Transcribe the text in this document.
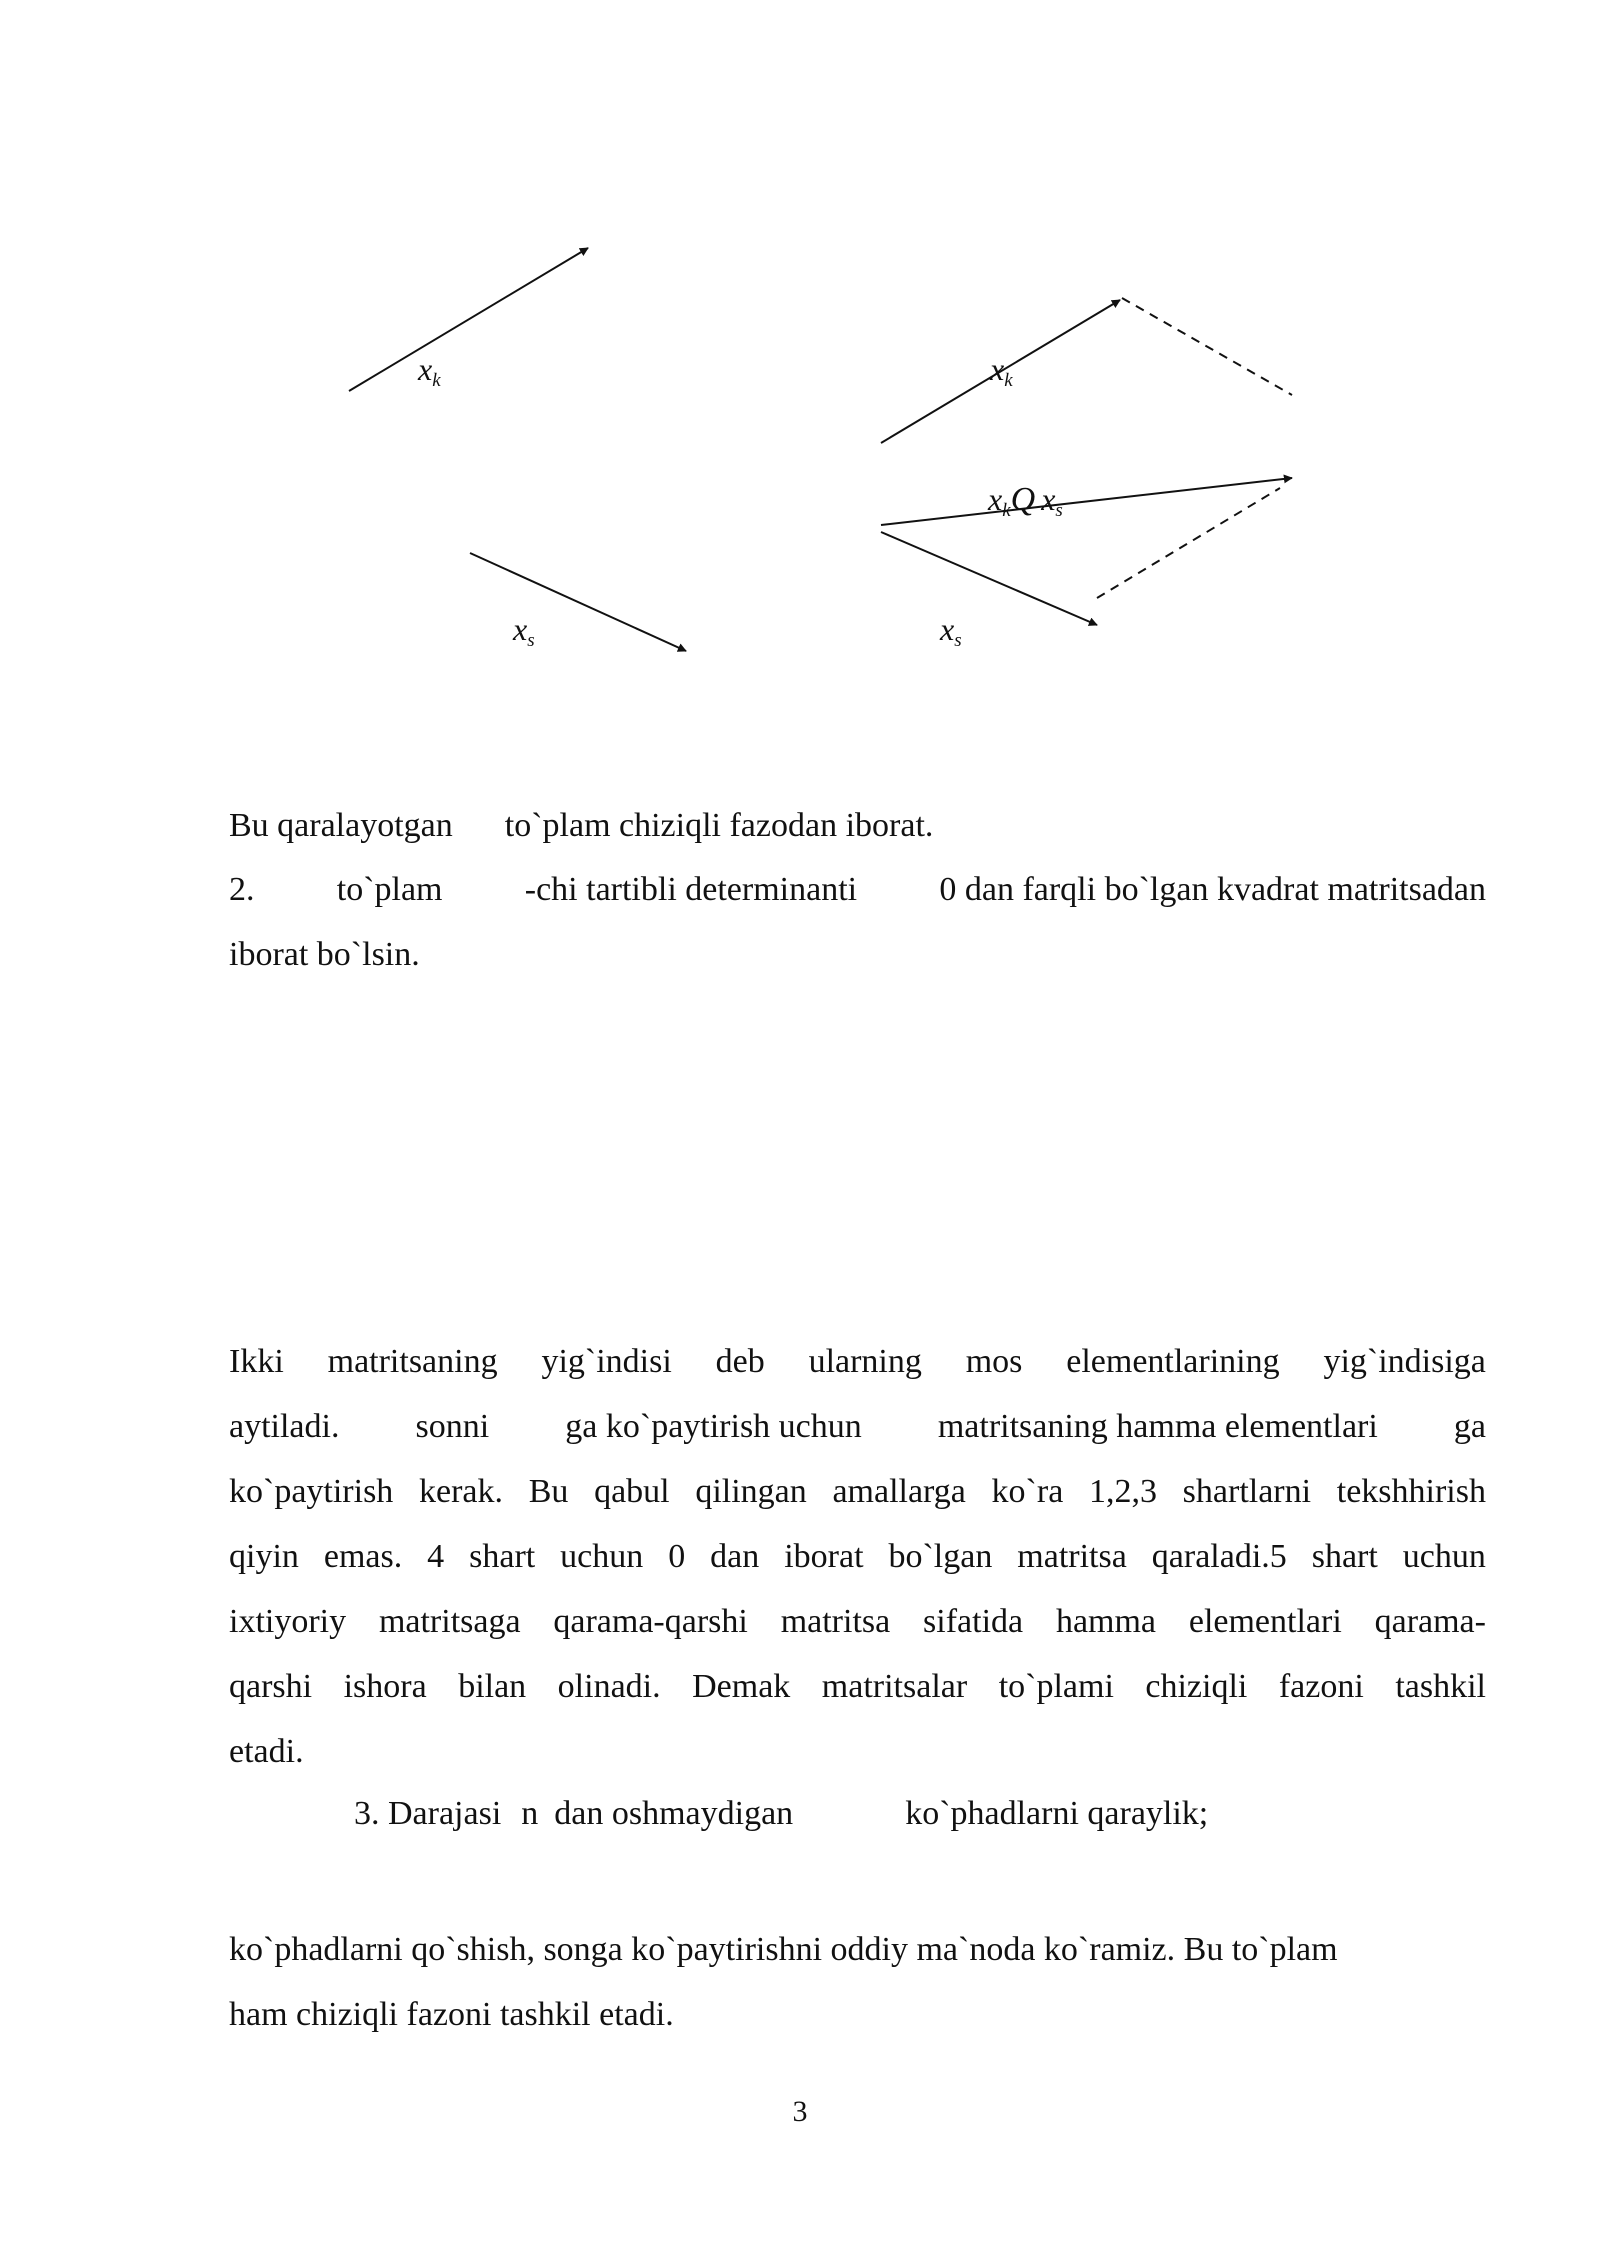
xk
xs
xk
xs
xkQ xs
Bu qaralayotgan to`plam chiziqli fazodan iborat.
2. to`plam -chi tartibli determinanti 0 dan farqli bo`lgan kvadrat matritsadan
iborat bo`lsin.
Ikki matritsaning yig`indisi deb ularning mos elementlarining yig`indisiga
aytiladi. sonni ga ko`paytirish uchun matritsaning hamma elementlari ga
ko`paytirish kerak. Bu qabul qilingan amallarga ko`ra 1,2,3 shartlarni tekshhirish
qiyin emas. 4 shart uchun 0 dan iborat bo`lgan matritsa qaraladi.5 shart uchun
ixtiyoriy matritsaga qarama-qarshi matritsa sifatida hamma elementlari qarama-
qarshi ishora bilan olinadi. Demak matritsalar to`plami chiziqli fazoni tashkil
etadi.
3. Darajasi n dan oshmaydigan	ko`phadlarni qaraylik;
ko`phadlarni qo`shish, songa ko`paytirishni oddiy ma`noda ko`ramiz. Bu to`plam
ham chiziqli fazoni tashkil etadi.
3
